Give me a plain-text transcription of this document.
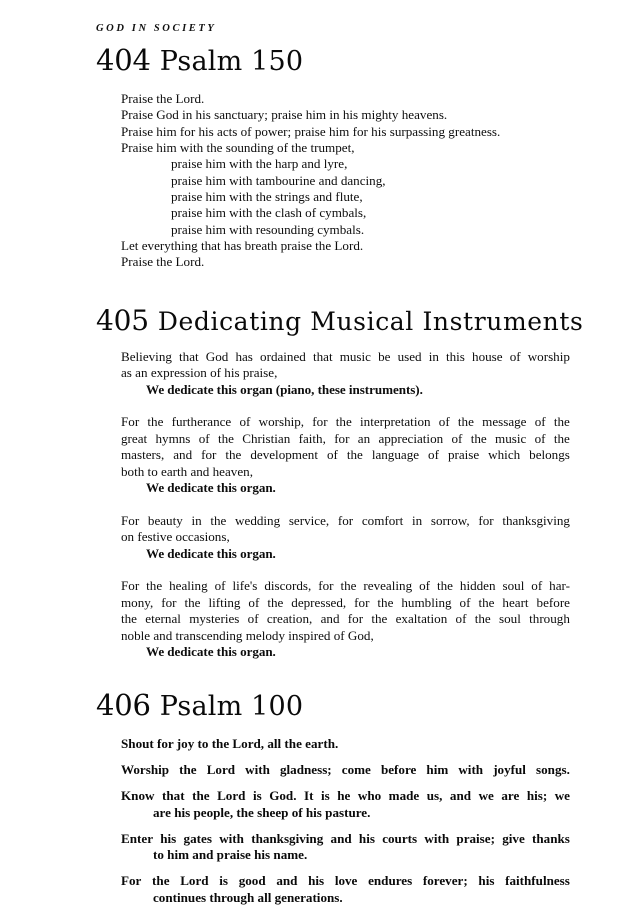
GOD IN SOCIETY
404 Psalm 150
Praise the Lord.
Praise God in his sanctuary; praise him in his mighty heavens.
Praise him for his acts of power; praise him for his surpassing greatness.
Praise him with the sounding of the trumpet,
praise him with the harp and lyre,
praise him with tambourine and dancing,
praise him with the strings and flute,
praise him with the clash of cymbals,
praise him with resounding cymbals.
Let everything that has breath praise the Lord.
Praise the Lord.
405 Dedicating Musical Instruments
Believing that God has ordained that music be used in this house of worship
as an expression of his praise,
We dedicate this organ (piano, these instruments).
For the furtherance of worship, for the interpretation of the message of the
great hymns of the Christian faith, for an appreciation of the music of the
masters, and for the development of the language of praise which belongs
both to earth and heaven,
We dedicate this organ.
For beauty in the wedding service, for comfort in sorrow, for thanksgiving
on festive occasions,
We dedicate this organ.
For the healing of life's discords, for the revealing of the hidden soul of har-
mony, for the lifting of the depressed, for the humbling of the heart before
the eternal mysteries of creation, and for the exaltation of the soul through
noble and transcending melody inspired of God,
We dedicate this organ.
406 Psalm 100
Shout for joy to the Lord, all the earth.
Worship the Lord with gladness; come before him with joyful songs.
Know that the Lord is God. It is he who made us, and we are his; we
are his people, the sheep of his pasture.
Enter his gates with thanksgiving and his courts with praise; give thanks
to him and praise his name.
For the Lord is good and his love endures forever; his faithfulness
continues through all generations.
